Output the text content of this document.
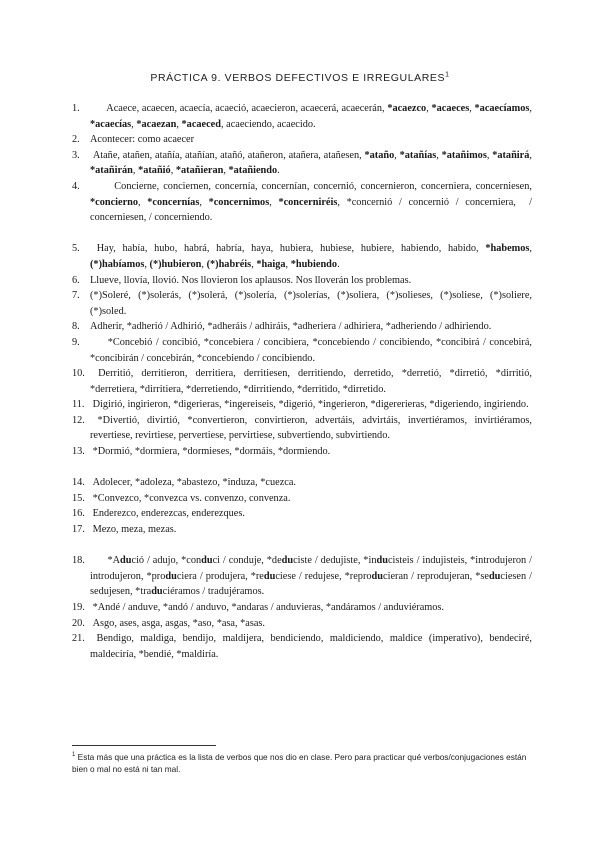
PRÁCTICA 9. VERBOS DEFECTIVOS E IRREGULARES$^1$
1. Acaece, acaecen, acaecía, acaeció, acaecieron, acaecerá, acaecerán, *acaezco, *acaeces, *acaecíamos, *acaecías, *acaezan, *acaeced, acaeciendo, acaecido.
2. Acontecer: como acaecer
3. Atañe, atañen, atañía, atañían, atañó, atañeron, atañera, atañesen, *ataño, *atañías, *atañimos, *atañirá, *atañirán, *atañió, *atañieran, *atañiendo.
4. Concierne, conciernen, concernía, concernían, concernió, concernieron, concerniera, concerniesen, *concierno, *concernías, *concernimos, *concerniréis, *concernió / concernió / concerniera,  / concerniesen, / concerniendo.
5. Hay, había, hubo, habrá, habría, haya, hubiera, hubiese, hubiere, habiendo, habido, *habemos, (*)habíamos, (*)hubieron, (*)habréis, *haiga, *hubiendo.
6. Llueve, llovía, llovió. Nos llovieron los aplausos. Nos lloverán los problemas.
7. (*)Soleré, (*)solerás, (*)solerá, (*)solería, (*)solerías, (*)soliera, (*)solieses, (*)soliese, (*)soliere, (*)soled.
8. Adherir, *adherió / Adhirió, *adheráis / adhiráis, *adheriera / adhiriera, *adheriendo / adhiriendo.
9. *Concebió / concibió, *concebiera / concibiera, *concebiendo / concibiendo, *concibirá / concebirá, *concibirán / concebirán, *concebiendo / concibiendo.
10. Derritió, derritieron, derritiera, derritiesen, derritiendo, derretido, *derretió, *dirretió, *dirritió, *derretiera, *dirritiera, *derretiendo, *dirritiendo, *derritido, *dirretido.
11. Digirió, ingirieron, *digerieras, *ingereiseis, *digerió, *ingerieron, *digererieras, *digeriendo, ingiriendo.
12. *Divertió, divirtió, *convertieron, convirtieron, advertáis, advirtáis, invertiéramos, invirtiéramos, revertiese, revirtiese, pervertiese, pervirtiese, subvertiendo, subvirtiendo.
13. *Dormió, *dormiera, *dormieses, *dormáis, *dormiendo.
14. Adolecer, *adoleza, *abastezo, *induza, *cuezca.
15. *Convezco, *convezca vs. convenzo, convenza.
16. Enderezco, enderezcas, enderezques.
17. Mezo, meza, mezas.
18. *Adució / adujo, *conduci / conduje, *deduciste / dedujiste, *inducisteis / indujisteis, *introdujeron / introdujeron, *produciera / produjera, *reduciese / redujese, *reproducieran / reprodujeran, *seduciesen / sedujesen, *traduciéramos / tradujéramos.
19. *Andé / anduve, *andó / anduvo, *andaras / anduvieras, *andáramos / anduviéramos.
20. Asgo, ases, asga, asgas, *aso, *asa, *asas.
21. Bendigo, maldiga, bendijo, maldijera, bendiciendo, maldiciendo, maldice (imperativo), bendeciré, maldeciría, *bendié, *maldiría.
$^1$ Esta más que una práctica es la lista de verbos que nos dio en clase. Pero para practicar qué verbos/conjugaciones están bien o mal no está ni tan mal.
